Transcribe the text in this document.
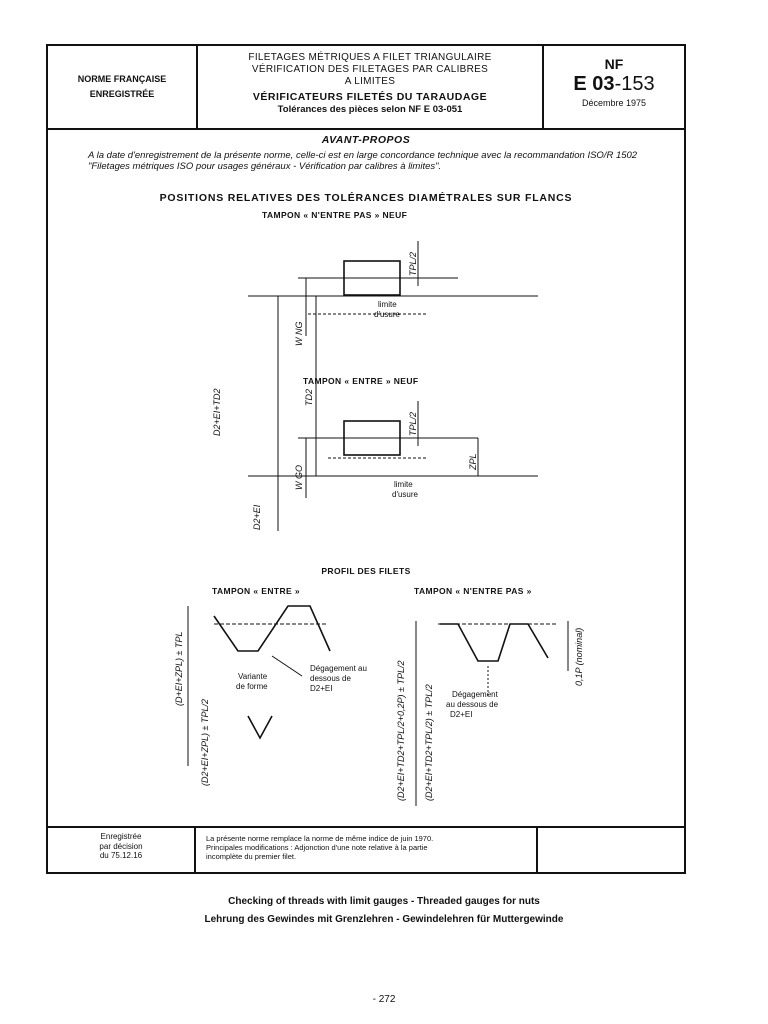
NORME FRANÇAISE
ENREGISTRÉE
FILETAGES MÉTRIQUES A FILET TRIANGULAIRE
VÉRIFICATION DES FILETAGES PAR CALIBRES
A LIMITES
VÉRIFICATEURS FILETÉS DU TARAUDAGE
Tolérances des pièces selon NF E 03-051
NF
E 03-153
Décembre 1975
AVANT-PROPOS
A la date d'enregistrement de la présente norme, celle-ci est en large concordance technique avec la recommandation ISO/R 1502 "Filetages métriques ISO pour usages généraux - Vérification par calibres à limites".
POSITIONS RELATIVES DES TOLÉRANCES DIAMÉTRALES SUR FLANCS
TAMPON « N'ENTRE PAS » NEUF
limite
d'usure
W NG
TPL/2
TD2
D2+EI+TD2
TAMPON « ENTRE » NEUF
limite
d'usure
W GO
TPL/2
ZPL
D2+EI
PROFIL DES FILETS
TAMPON « ENTRE »	TAMPON « N'ENTRE PAS »
Variante
de forme
Dégagement au
dessous de
D2+EI
Dégagement
au dessous de
D2+EI
(D+EI+ZPL) ± TPL
(D2+EI+ZPL) ± TPL/2	(D2+EI+TD2+TPL/2+0,2P) ± TPL/2 (D2+EI+TD2+TPL/2) ± TPL/2
0,1P (nominal)
Enregistrée
par décision
du 75.12.16
La présente norme remplace la norme de même indice de juin 1970.
Principales modifications : Adjonction d'une note relative à la partie
incomplète du premier filet.
Checking of threads with limit gauges - Threaded gauges for nuts
Lehrung des Gewindes mit Grenzlehren - Gewindelehren für Muttergewinde
- 272
